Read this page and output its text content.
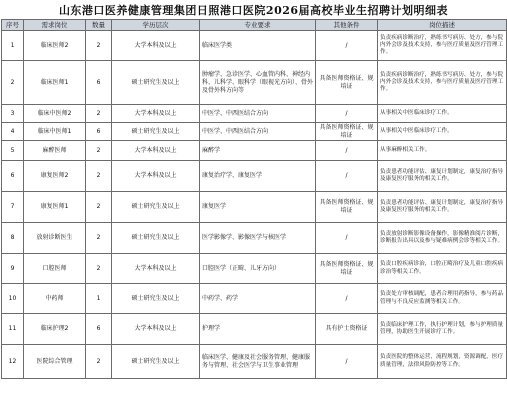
山东港口医养健康管理集团日照港口医院2026届高校毕业生招聘计划明细表
序号	需求岗位	数量	学历层次	专业要求	其他条件	岗位描述
1	临床医师2	2	大学本科及以上	临床医学类	/	负责疾病诊断治疗，熟练书写病历、处方，参与院内外会诊及技术支持，参与医疗质量及医疗管理工作。
2	临床医师1	6	硕士研究生及以上	肿瘤学、急诊医学、心血管内科、神经内科、儿科学、眼科学（眼视光方向）、骨外及骨外科方向等	具备医师资格证、规培证	负责疾病诊断治疗，熟练书写病历、处方，参与院内外会诊及技术支持，参与医疗质量及医疗管理工作。
3	临床中医师2	2	大学本科及以上	中医学、中西医结合方向	/	从事相关中医临床诊疗工作。
4	临床中医师1	6	硕士研究生及以上	中医学、中西医结合方向	具备医师资格证、规培证	从事相关中医临床诊疗工作。
5	麻醉医师	2	大学本科及以上	麻醉学	/	从事麻醉相关工作。
6	康复医师2	2	大学本科及以上	康复治疗学、康复医学	/	负责患者功能评估、康复计划制定，康复治疗指导及康复医疗服务的相关工作。
7	康复医师1	2	硕士研究生及以上	康复医学	具备医师资格证、规培证	负责患者功能评估、康复计划制定，康复治疗指导及康复医疗服务的相关工作。
8	放射诊断医生	2	硕士研究生及以上	医学影像学、影像医学与核医学	/	负责放射诊断影像设备操作，影像精准阅片诊断，诊断报告出具以及参与疑难病例会诊等相关工作。
9	口腔医师	2	大学本科及以上	口腔医学（正畸、儿牙方向）	具备医师资格证、规培证	负责口腔疾病诊治，口腔正畸治疗及儿童口腔疾病诊治等相关工作。
10	中药师	1	硕士研究生及以上	中药学、药学	/	负责处方审核调配，患者合理用药指导，参与药品管理与不良反应监测等相关工作。
11	临床护理2	6	大学本科及以上	护理学	具有护士资格证	负责临床护理工作，执行护理计划，参与护理质量管理，协助医生开展诊疗工作。
12	医院综合管理	2	硕士研究生及以上	临床医学、健康及社会服务管理、健康服务与管理、社会医学与卫生事业管理	/	负责医院的整体运营，流程规划，资源调配，医疗质量管理，法律风险防控等工作。
